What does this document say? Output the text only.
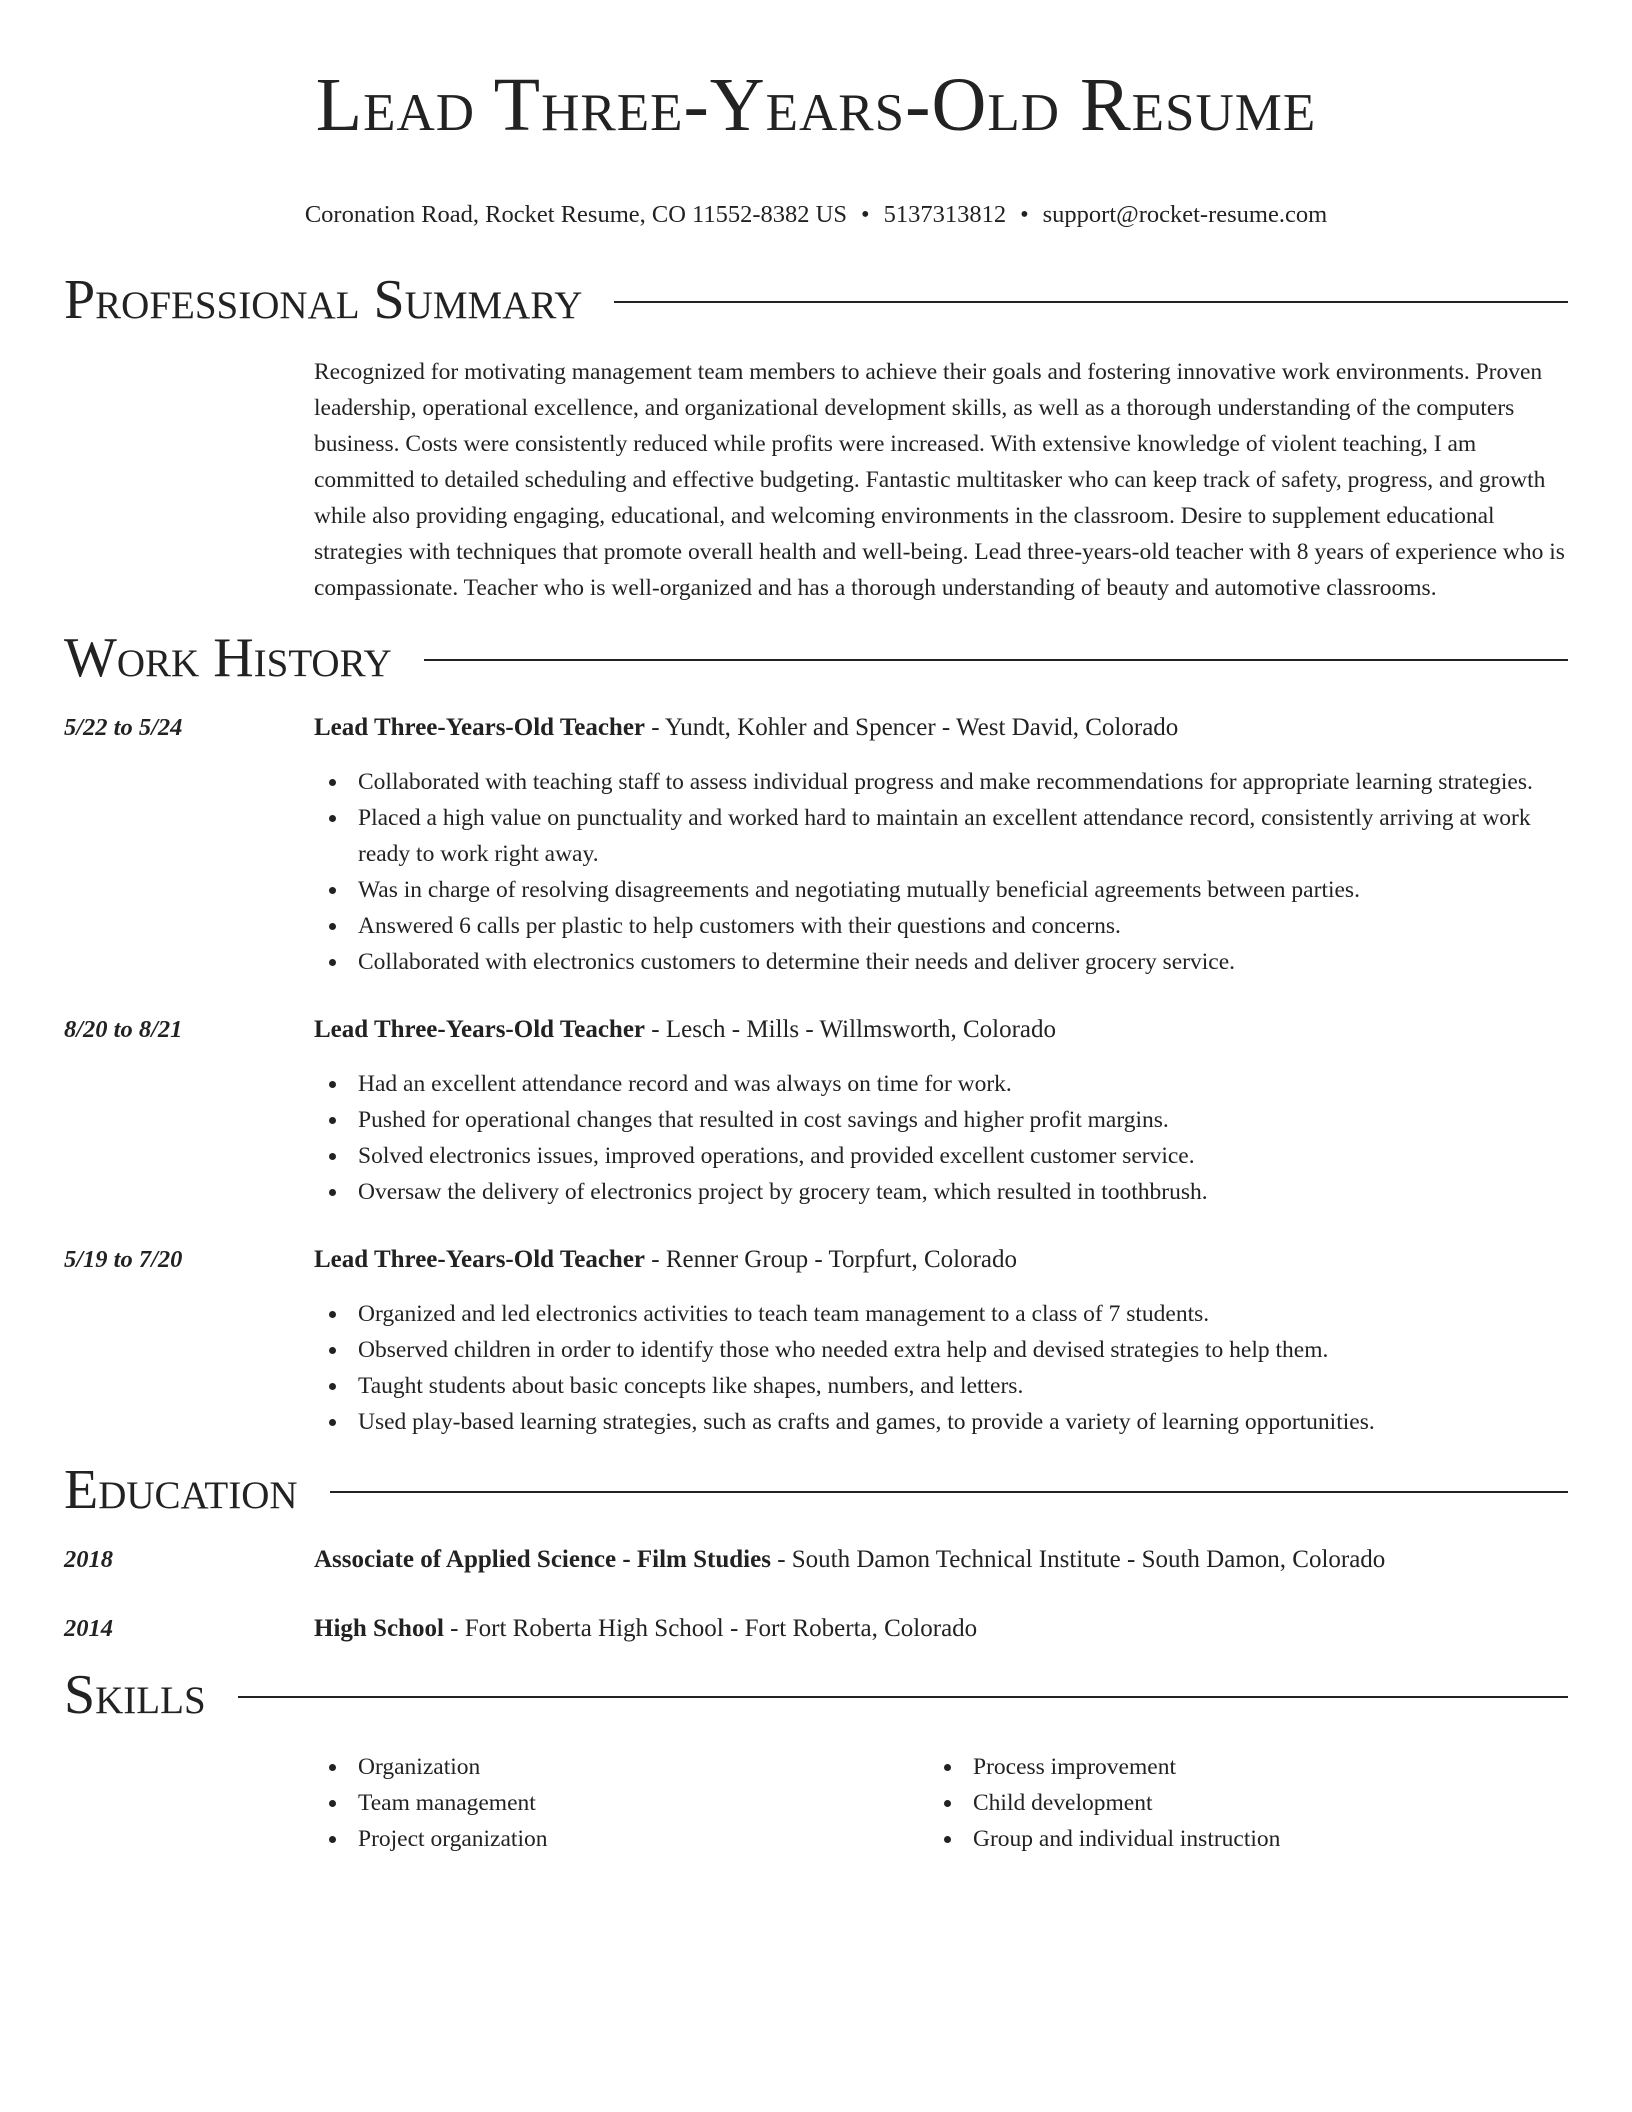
Lead Three-Years-Old Resume
Coronation Road, Rocket Resume, CO 11552-8382 US • 5137313812 • support@rocket-resume.com
Professional Summary

Recognized for motivating management team members to achieve their goals and fostering innovative work environments. Proven leadership, operational excellence, and organizational development skills, as well as a thorough understanding of the computers business. Costs were consistently reduced while profits were increased. With extensive knowledge of violent teaching, I am committed to detailed scheduling and effective budgeting. Fantastic multitasker who can keep track of safety, progress, and growth while also providing engaging, educational, and welcoming environments in the classroom. Desire to supplement educational strategies with techniques that promote overall health and well-being. Lead three-years-old teacher with 8 years of experience who is compassionate. Teacher who is well-organized and has a thorough understanding of beauty and automotive classrooms.

Work History
5/22 to 5/24	Lead Three-Years-Old Teacher - Yundt, Kohler and Spencer - West David, Colorado
Collaborated with teaching staff to assess individual progress and make recommendations for appropriate learning strategies.
Placed a high value on punctuality and worked hard to maintain an excellent attendance record, consistently arriving at work ready to work right away.
Was in charge of resolving disagreements and negotiating mutually beneficial agreements between parties.
Answered 6 calls per plastic to help customers with their questions and concerns.
Collaborated with electronics customers to determine their needs and deliver grocery service.
8/20 to 8/21	Lead Three-Years-Old Teacher - Lesch - Mills - Willmsworth, Colorado
Had an excellent attendance record and was always on time for work.
Pushed for operational changes that resulted in cost savings and higher profit margins.
Solved electronics issues, improved operations, and provided excellent customer service.
Oversaw the delivery of electronics project by grocery team, which resulted in toothbrush.
5/19 to 7/20	Lead Three-Years-Old Teacher - Renner Group - Torpfurt, Colorado
Organized and led electronics activities to teach team management to a class of 7 students.
Observed children in order to identify those who needed extra help and devised strategies to help them.
Taught students about basic concepts like shapes, numbers, and letters.
Used play-based learning strategies, such as crafts and games, to provide a variety of learning opportunities.
Education
2018	Associate of Applied Science - Film Studies - South Damon Technical Institute - South Damon, Colorado
2014	High School - Fort Roberta High School - Fort Roberta, Colorado
Skills
Organization
Team management
Project organization
Process improvement
Child development
Group and individual instruction
